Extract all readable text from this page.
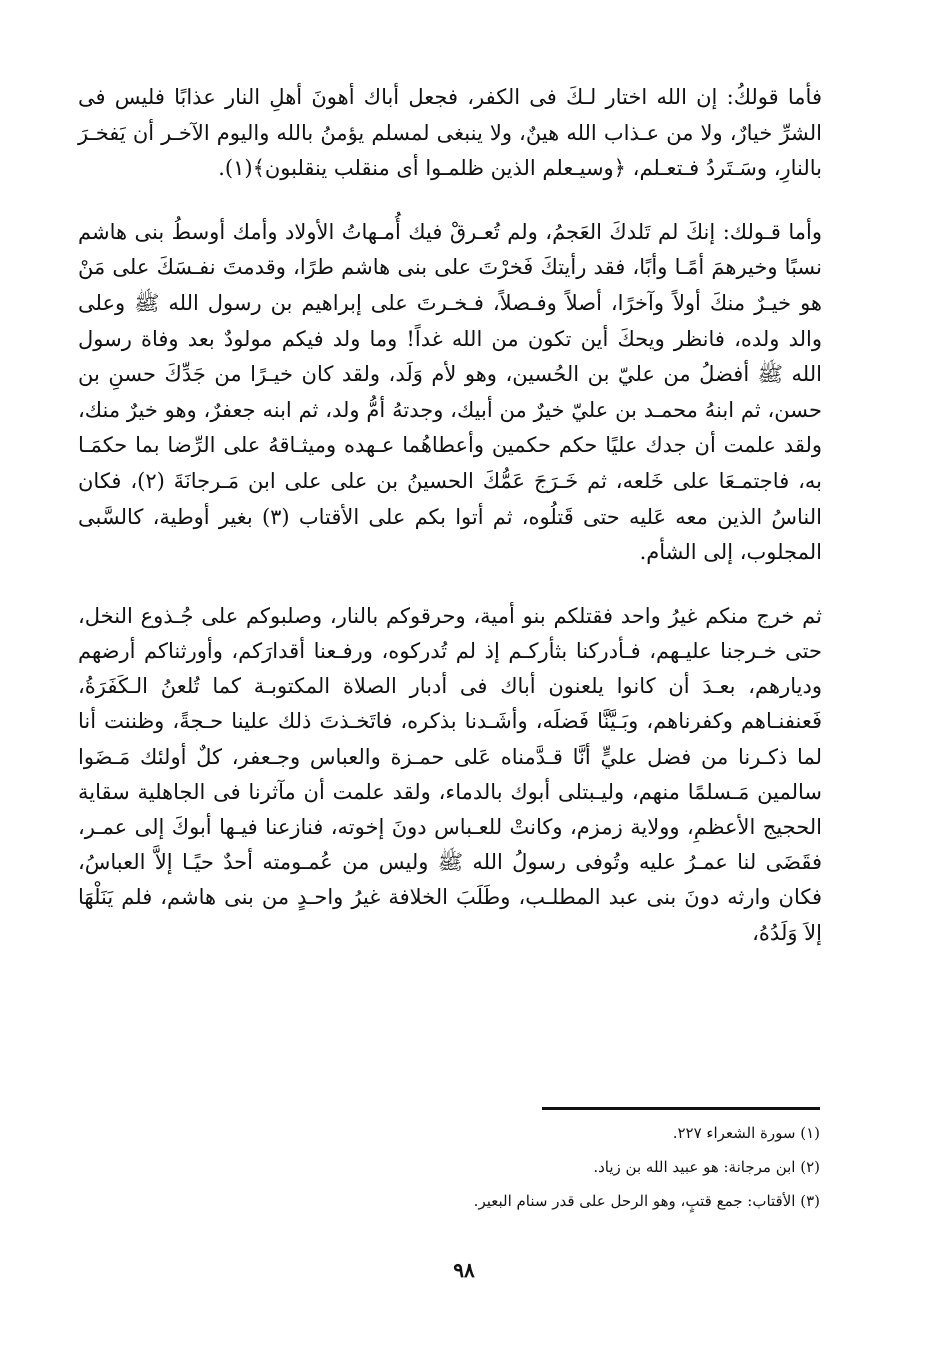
فأما قولكُ: إن الله اختار لـكَ فى الكفر، فجعل أباك أهونَ أهلِ النار عذابًا فليس فى الشرِّ خيارٌ، ولا من عـذاب الله هينٌ، ولا ينبغى لمسلم يؤمنُ بالله واليوم الآخـر أن يَفخـرَ بالنارِ، وسَـتَردُ فـتعـلم، ﴿وسيـعلم الذين ظلمـوا أى منقلب ينقلبون﴾(١).

وأما قـولك: إنكَ لم تَلدكَ العَجمُ، ولم تُعـرقْ فيك أُمـهاتُ الأولاد وأمك أوسطُ بنى هاشم نسبًا وخيرهمَ أمًـا وأبًا، فقد رأيتكَ فَخرْتَ على بنى هاشم طرًا، وقدمتَ نفـسَكَ على مَنْ هو خيـرٌ منكَ أولاً وآخرًا، أصلاً وفـصلاً، فـخـرتَ على إبراهيم بن رسول الله ﷺ وعلى والد ولده، فانظر ويحكَ أين تكون من الله غداً! وما ولد فيكم مولودٌ بعد وفاة رسول الله ﷺ أفضلُ من عليّ بن الحُسين، وهو لأم وَلَد، ولقد كان خيـرًا من جَدِّكَ حسنِ بن حسن، ثم ابنهُ محمـد بن عليّ خيرٌ من أبيك، وجدتهُ أمُّ ولد، ثم ابنه جعفرٌ، وهو خيرٌ منك، ولقد علمت أن جدك عليًا حكم حكمين وأعطاهُما عـهده وميثـاقهُ على الرِّضا بما حكمَـا به، فاجتمـعَا على خَلعه، ثم خَـرَجَ عَمُّكَ الحسينُ بن على على ابن مَـرجانَةَ (٢)، فكان الناسُ الذين معه عَليه حتى قَتلُوه، ثم أتوا بكم على الأقتاب (٣) بغير أوطية، كالسَّبى المجلوب، إلى الشأم.

ثم خرج منكم غيرُ واحد فقتلكم بنو أمية، وحرقوكم بالنار، وصلبوكم على جُـذوع النخل، حتى خـرجنا عليـهم، فـأدركنا بثأركـم إذ لم تُدركوه، ورفـعنا أقدارَكم، وأورثناكم أرضهم وديارهم، بعـدَ أن كانوا يلعنون أباك فى أدبار الصلاة المكتوبـة كما تُلعنُ الـكَفَرَةُ، فَعنفنـاهم وكفرناهم، وبَـيَّنَّا فَضلَه، وأشَـدنا بذكره، فاتَخـذتَ ذلك علينا حـجةً، وظننت أنا لما ذكـرنا من فضل عليٍّ أنَّا قـدَّمناه عَلى حمـزة والعباس وجـعفر، كلٌ أولئك مَـضَوا سالمين مَـسلمًا منهم، وليـبتلى أبوك بالدماء، ولقد علمت أن مآثرنا فى الجاهلية سقاية الحجيج الأعظمِ، وولاية زمزم، وكانتْ للعـباس دونَ إخوته، فنازعنا فيـها أبوكَ إلى عمـر، فقَضَى لنا عمـرُ عليه وتُوفى رسولُ الله ﷺ وليس من عُمـومته أحدٌ حيًـا إلاَّ العباسُ، فكان وارثه دونَ بنى عبد المطلـب، وطَلَبَ الخلافة غيرُ واحـدٍ من بنى هاشم، فلم يَنَلْهَا إلاَ وَلَدُهُ،

(١) سورة الشعراء ٢٢٧.

(٢) ابن مرجانة: هو عبيد الله بن زياد.

(٣) الأقتاب: جمع قتبٍ، وهو الرحل على قدر سنام البعير.

٩٨
